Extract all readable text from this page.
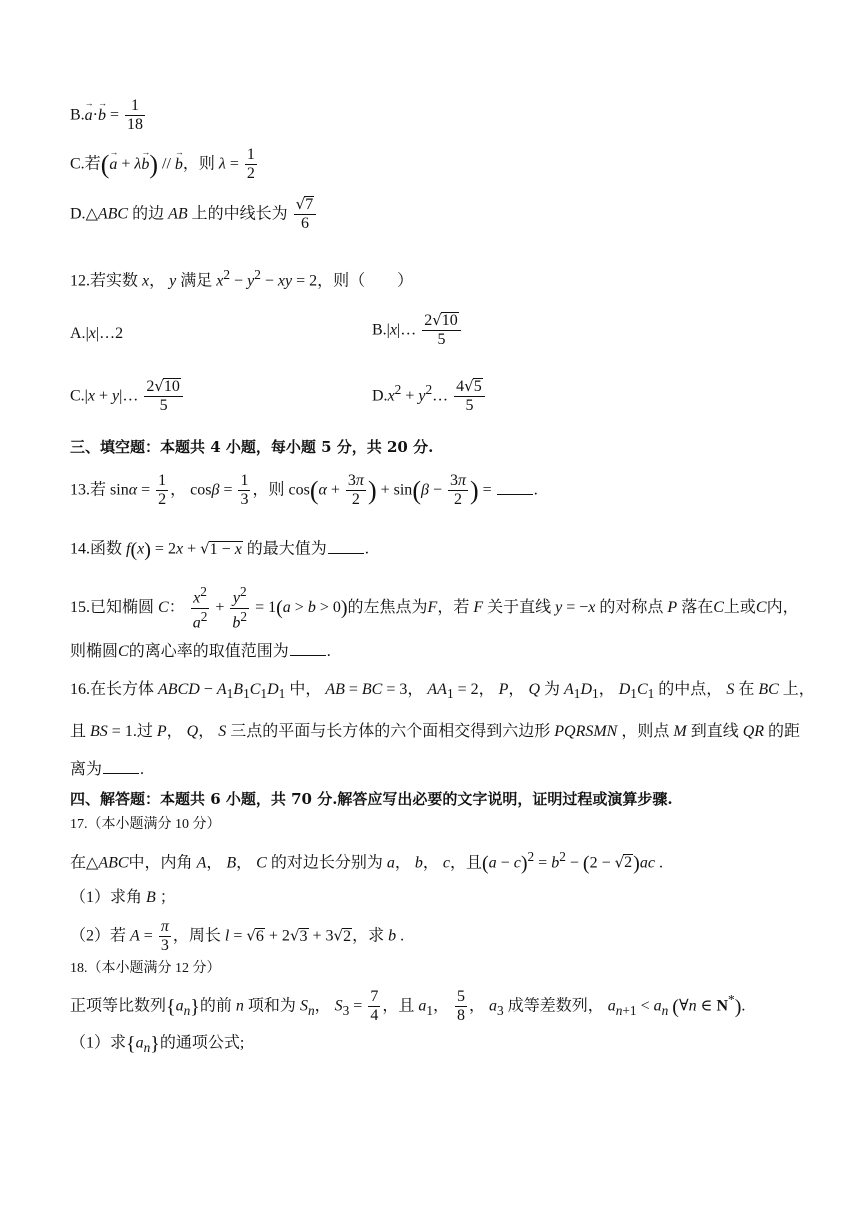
$B.\to a\cdot\to b = \frac{1}{18}$
C.若(→ a + λ→ b) // → b，则 $\lambda = \frac{1}{2}$
D.△ABC 的边 AB 上的中线长为 $\frac{√7}{6}$
12.若实数 x， y 满足 $x^2 - y^2$ − xy = 2，则（　　）
A.|x|…2	B.|x|… $\frac{2√10}{5}$
C.|x + y|… $\frac{2√10}{5}$	$D.x^2$ + $y^2\dots \frac{4√5}{5}$
三、填空题：本题共 4 小题，每小题 5 分，共 20 分.
13.若 $\sin\alpha = \frac{1}{2}$ ， $\cos\beta = \frac{1}{3}$ ，则 $\cos(\alpha + \frac{3\pi}{2}$ ) + $\sin(\beta - \frac{3\pi}{2}$ ) = .
14.函数 f(x) = 2x + √1 − x 的最大值为 .
15.已知椭圆 C： $\frac{x^2}{a^2} + \frac{y^2}{b^2} = 1(a > b > 0)$的左焦点为F，若 F 关于直线 y = −x 的对称点 P 落在C上或C内，
则椭圆C的离心率的取值范围为 .
16.在长方体 ABCD − $A_1B_1C_1D_1$ 中， AB = BC = 3， $AA_1 = 2$， P， Q 为 $A_1D_1$， $D_1C_1$ 的中点， S 在 BC 上，
且 BS = 1.过 P， Q， S 三点的平面与长方体的六个面相交得到六边形 PQRSMN ，则点 M 到直线 QR 的距
离为 .
四、解答题：本题共 6 小题，共 70 分.解答应写出必要的文字说明，证明过程或演算步骤.
17.（本小题满分 10 分）
在△ABC中，内角 A， B， C 的对边长分别为 a， b， c，且$(a - c)^2 = b^2 - (2 - √2)ac$ .
（1）求角 B ；
（2）若 $A = \frac{\pi}{3}$ ，周长 l = √6 + 2√3 + 3√2，求 b .
18.（本小题满分 12 分）
正项等比数列$\{a_n\}$的前 n 项和为 $S_n$， $S_3 = \frac{7}{4}$ ，且 $a_1$， $\frac{5}{8}$ ， $a_3$ 成等差数列， $a_{n+1} < a_n$ (∀n ∈ N*).
（1）求$\{a_n\}$的通项公式;
